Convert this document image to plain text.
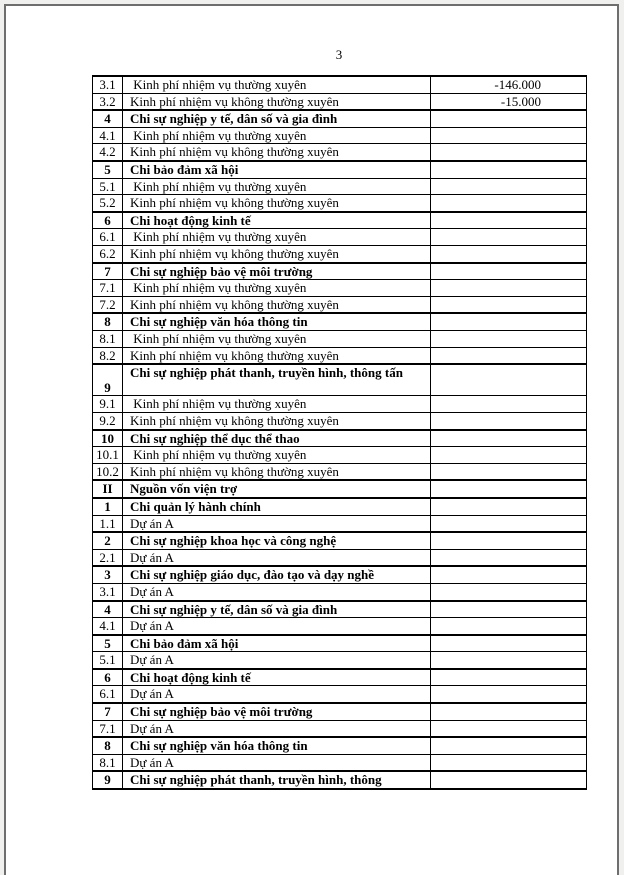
3
3.1	Kinh phí nhiệm vụ thường xuyên	-146.000
3.2	Kinh phí nhiệm vụ không thường xuyên	-15.000
4	Chi sự nghiệp y tế, dân số và gia đình	
4.1	Kinh phí nhiệm vụ thường xuyên	
4.2	Kinh phí nhiệm vụ không thường xuyên	
5	Chi bảo đảm xã hội	
5.1	Kinh phí nhiệm vụ thường xuyên	
5.2	Kinh phí nhiệm vụ không thường xuyên	
6	Chi hoạt động kinh tế	
6.1	Kinh phí nhiệm vụ thường xuyên	
6.2	Kinh phí nhiệm vụ không thường xuyên	
7	Chi sự nghiệp bảo vệ môi trường	
7.1	Kinh phí nhiệm vụ thường xuyên	
7.2	Kinh phí nhiệm vụ không thường xuyên	
8	Chi sự nghiệp văn hóa thông tin	
8.1	Kinh phí nhiệm vụ thường xuyên	
8.2	Kinh phí nhiệm vụ không thường xuyên	
9	Chi sự nghiệp phát thanh, truyền hình, thông tấn	
9.1	Kinh phí nhiệm vụ thường xuyên	
9.2	Kinh phí nhiệm vụ không thường xuyên	
10	Chi sự nghiệp thể dục thể thao	
10.1	Kinh phí nhiệm vụ thường xuyên	
10.2	Kinh phí nhiệm vụ không thường xuyên	
II	Nguồn vốn viện trợ	
1	Chi quản lý hành chính	
1.1	Dự án A	
2	Chi sự nghiệp khoa học và công nghệ	
2.1	Dự án A	
3	Chi sự nghiệp giáo dục, đào tạo và dạy nghề	
3.1	Dự án A	
4	Chi sự nghiệp y tế, dân số và gia đình	
4.1	Dự án A	
5	Chi bảo đảm xã hội	
5.1	Dự án A	
6	Chi hoạt động kinh tế	
6.1	Dự án A	
7	Chi sự nghiệp bảo vệ môi trường	
7.1	Dự án A	
8	Chi sự nghiệp văn hóa thông tin	
8.1	Dự án A	
9	Chi sự nghiệp phát thanh, truyền hình, thông	
